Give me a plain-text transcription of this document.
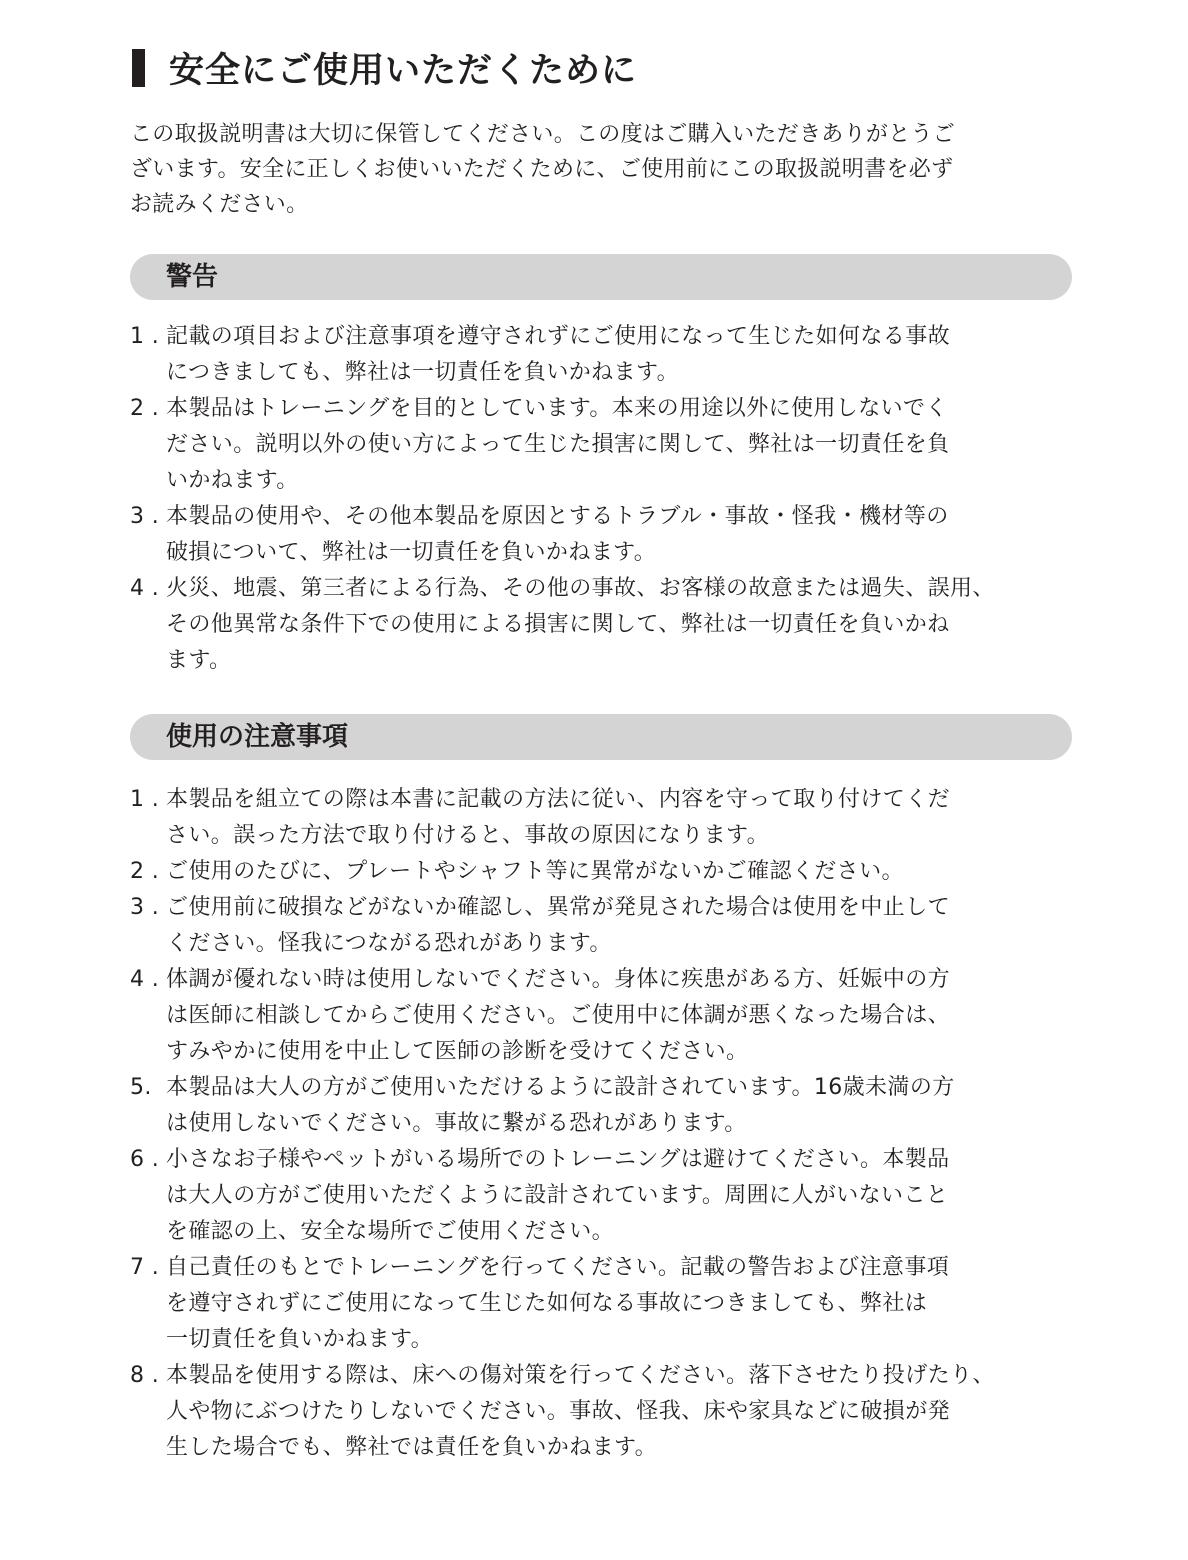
安全にご使用いただくために

この取扱説明書は大切に保管してください。この度はご購入いただきありがとうご
ざいます。安全に正しくお使いいただくために、ご使用前にこの取扱説明書を必ず
お読みください。

警告
1 . 記載の項目および注意事項を遵守されずにご使用になって生じた如何なる事故
につきましても、弊社は一切責任を負いかねます。
2 . 本製品はトレーニングを目的としています。本来の用途以外に使用しないでく
ださい。説明以外の使い方によって生じた損害に関して、弊社は一切責任を負
いかねます。
3 . 本製品の使用や、その他本製品を原因とするトラブル・事故・怪我・機材等の
破損について、弊社は一切責任を負いかねます。
4 . 火災、地震、第三者による行為、その他の事故、お客様の故意または過失、誤用、
その他異常な条件下での使用による損害に関して、弊社は一切責任を負いかね
ます。
使用の注意事項
1 . 本製品を組立ての際は本書に記載の方法に従い、内容を守って取り付けてくだ
さい。誤った方法で取り付けると、事故の原因になります。
2 . ご使用のたびに、プレートやシャフト等に異常がないかご確認ください。
3 . ご使用前に破損などがないか確認し、異常が発見された場合は使用を中止して
ください。怪我につながる恐れがあります。
4 . 体調が優れない時は使用しないでください。身体に疾患がある方、妊娠中の方
は医師に相談してからご使用ください。ご使用中に体調が悪くなった場合は、
すみやかに使用を中止して医師の診断を受けてください。
5. 本製品は大人の方がご使用いただけるように設計されています。16歳未満の方
は使用しないでください。事故に繋がる恐れがあります。
6 . 小さなお子様やペットがいる場所でのトレーニングは避けてください。本製品
は大人の方がご使用いただくように設計されています。周囲に人がいないこと
を確認の上、安全な場所でご使用ください。
7 . 自己責任のもとでトレーニングを行ってください。記載の警告および注意事項
を遵守されずにご使用になって生じた如何なる事故につきましても、弊社は
一切責任を負いかねます。
8 . 本製品を使用する際は、床への傷対策を行ってください。落下させたり投げたり、
人や物にぶつけたりしないでください。事故、怪我、床や家具などに破損が発
生した場合でも、弊社では責任を負いかねます。
